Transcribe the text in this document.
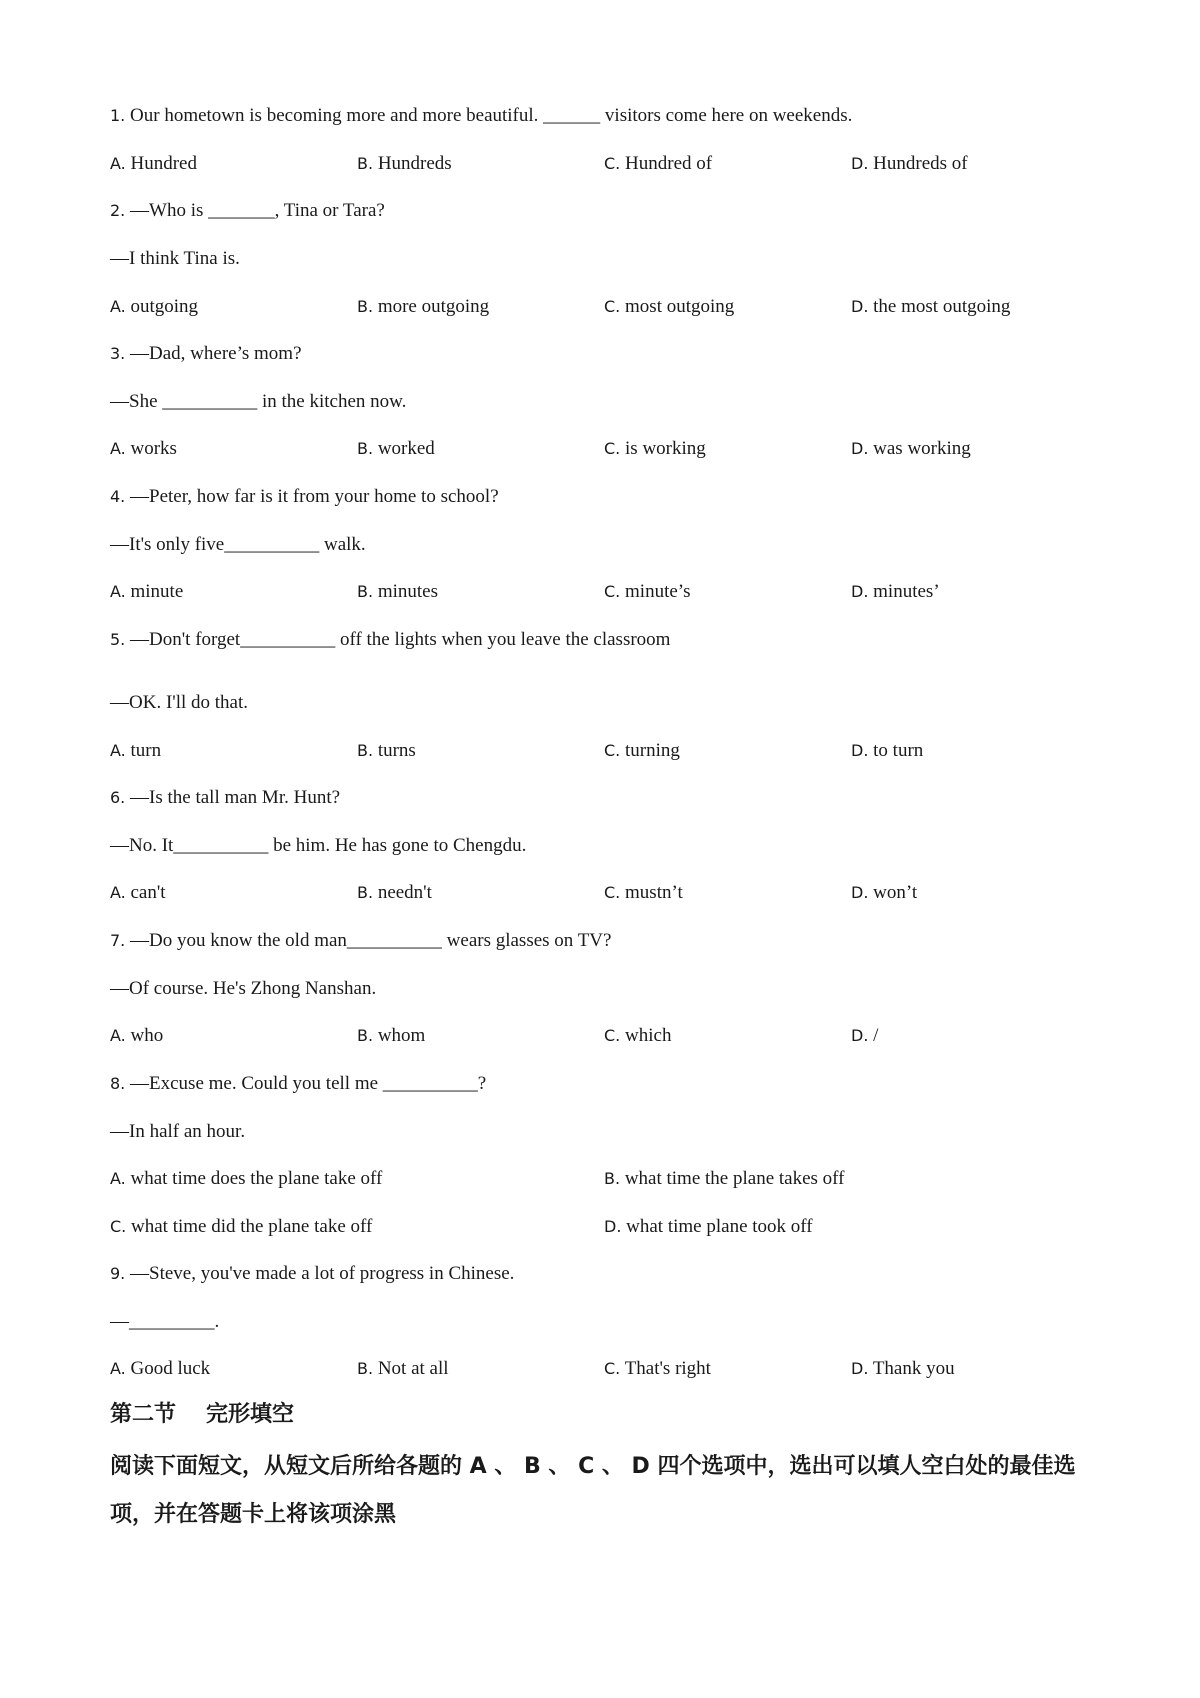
1. Our hometown is becoming more and more beautiful. ______ visitors come here on weekends.
A. Hundred	B. Hundreds	C. Hundred of	D. Hundreds of
2. —Who is _______, Tina or Tara?
—I think Tina is.
A. outgoing	B. more outgoing	C. most outgoing	D. the most outgoing
3. —Dad, where’s mom?
—She __________ in the kitchen now.
A. works	B. worked	C. is working	D. was working
4. —Peter, how far is it from your home to school?
—It's only five__________ walk.
A. minute	B. minutes	C. minute’s	D. minutes’
5. —Don't forget__________ off the lights when you leave the classroom
—OK. I'll do that.
A. turn	B. turns	C. turning	D. to turn
6. —Is the tall man Mr. Hunt?
—No. It__________ be him. He has gone to Chengdu.
A. can't	B. needn't	C. mustn’t	D. won’t
7. —Do you know the old man__________ wears glasses on TV?
—Of course. He's Zhong Nanshan.
A. who	B. whom	C. which	D. /
8. —Excuse me. Could you tell me __________?
—In half an hour.
A. what time does the plane take off	B. what time the plane takes off
C. what time did the plane take off	D. what time plane took off
9. —Steve, you've made a lot of progress in Chinese.
—_________.
A. Good luck	B. Not at all	C. That's right	D. Thank you
第二节 完形填空
阅读下面短文，从短文后所给各题的 A 、 B 、 C 、 D 四个选项中，选出可以填人空白处的最佳选项，并在答题卡上将该项涂黑
